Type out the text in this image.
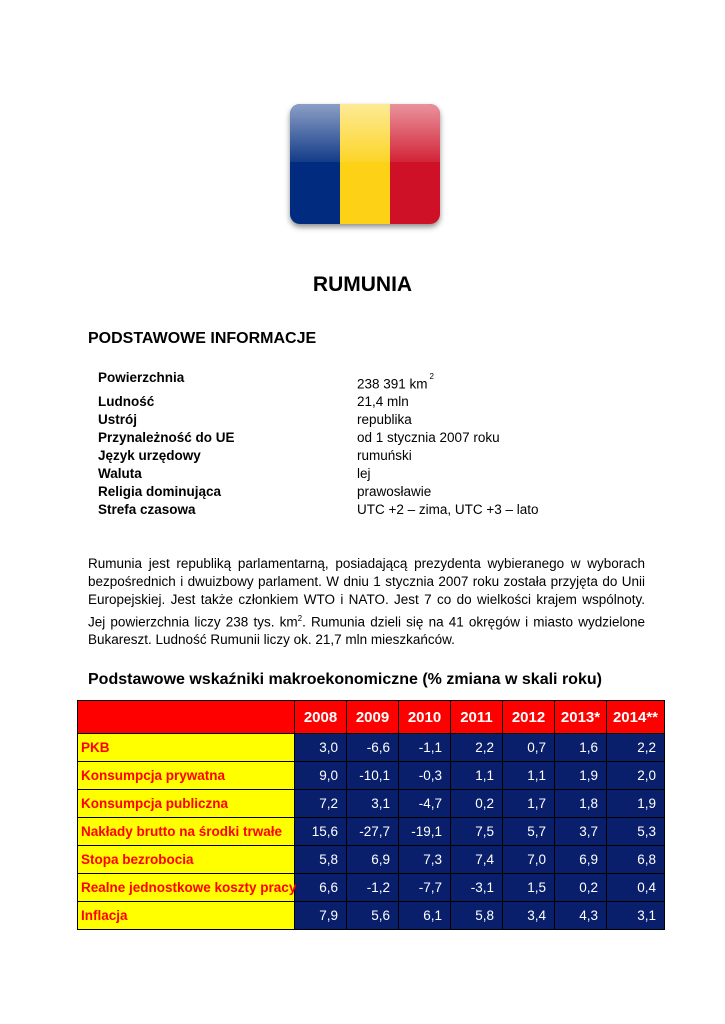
RUMUNIA
PODSTAWOWE INFORMACJE
Powierzchnia	238 391 km $^2$
Ludność	21,4 mln
Ustrój	republika
Przynależność do UE	od 1 stycznia 2007 roku
Język urzędowy	rumuński
Waluta	lej
Religia dominująca	prawosławie
Strefa czasowa	UTC +2 – zima, UTC +3 – lato

Rumunia jest republiką parlamentarną, posiadającą prezydenta wybieranego w wyborach bezpośrednich i dwuizbowy parlament. W dniu 1 stycznia 2007 roku została przyjęta do Unii Europejskiej. Jest także członkiem WTO i NATO. Jest 7 co do wielkości krajem wspólnoty. Jej powierzchnia liczy 238 tys. $km^2$. Rumunia dzieli się na 41 okręgów i miasto wydzielone Bukareszt. Ludność Rumunii liczy ok. 21,7 mln mieszkańców.

Podstawowe wskaźniki makroekonomiczne (% zmiana w skali roku)
	2008	2009	2010	2011	2012	2013*	2014**
PKB	3,0	-6,6	-1,1	2,2	0,7	1,6	2,2
Konsumpcja prywatna	9,0	-10,1	-0,3	1,1	1,1	1,9	2,0
Konsumpcja publiczna	7,2	3,1	-4,7	0,2	1,7	1,8	1,9
Nakłady brutto na środki trwałe	15,6	-27,7	-19,1	7,5	5,7	3,7	5,3
Stopa bezrobocia	5,8	6,9	7,3	7,4	7,0	6,9	6,8
Realne jednostkowe koszty pracy	6,6	-1,2	-7,7	-3,1	1,5	0,2	0,4
Inflacja	7,9	5,6	6,1	5,8	3,4	4,3	3,1
